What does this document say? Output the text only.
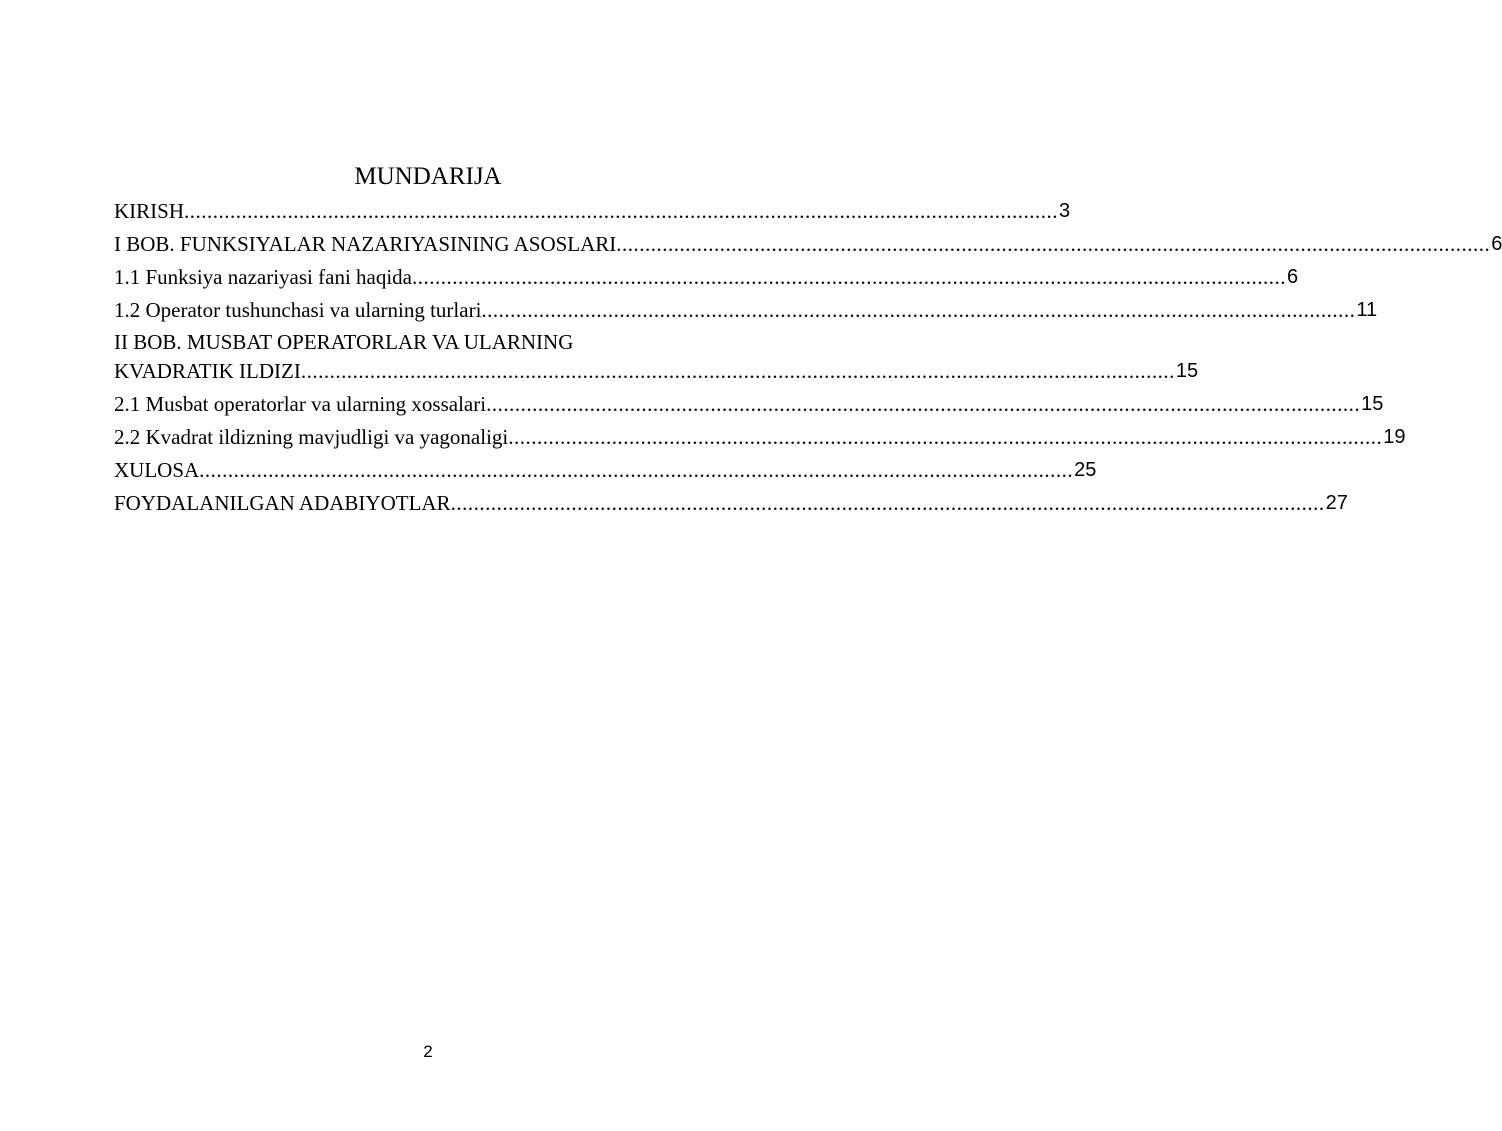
MUNDARIJA
KIRISH ........................................................................................................................................................ 3
I BOB. FUNKSIYALAR NAZARIYASINING ASOSLARI ........................................................................................................................................................ 6
1.1 Funksiya nazariyasi fani haqida ........................................................................................................................................................ 6
1.2 Operator tushunchasi va ularning turlari ........................................................................................................................................................ 11
II BOB. MUSBAT OPERATORLAR VA ULARNING
KVADRATIK ILDIZI ........................................................................................................................................................ 15
2.1 Musbat operatorlar va ularning xossalari ........................................................................................................................................................ 15
2.2 Kvadrat ildizning mavjudligi va yagonaligi ........................................................................................................................................................ 19
XULOSA ........................................................................................................................................................ 25
FOYDALANILGAN ADABIYOTLAR ........................................................................................................................................................ 27
2
